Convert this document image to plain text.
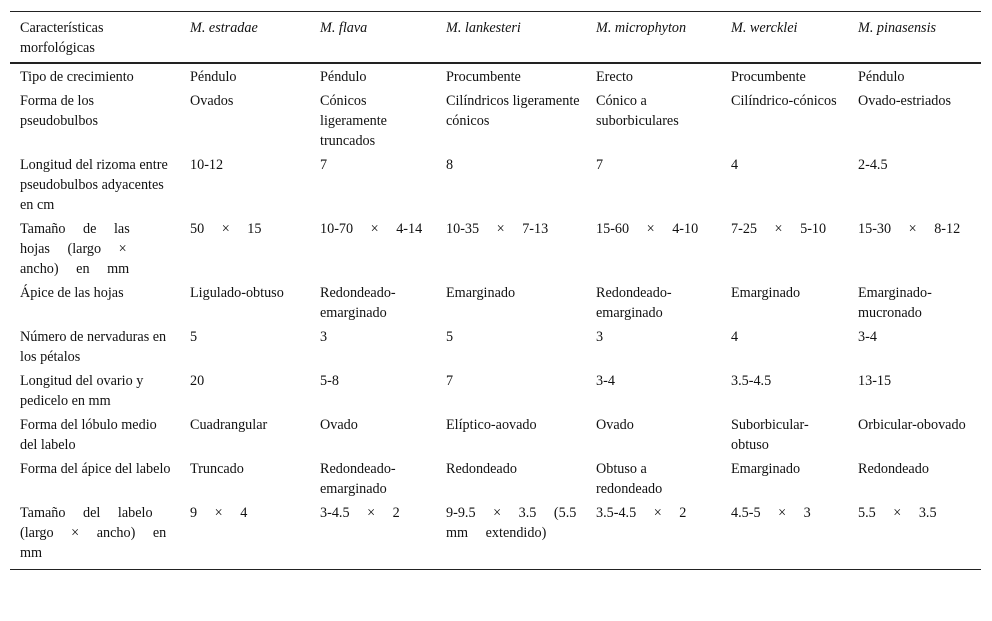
Características morfológicas	M. estradae	M. flava	M. lankesteri	M. microphyton	M. wercklei	M. pinasensis
Tipo de crecimiento	Péndulo	Péndulo	Procumbente	Erecto	Procumbente	Péndulo
Forma de los pseudobulbos	Ovados	Cónicos ligeramente truncados	Cilíndricos ligeramente cónicos	Cónico a suborbiculares	Cilíndrico-cónicos	Ovado-estriados
Longitud del rizoma entre pseudobulbos adyacentes en cm	10-12	7	8	7	4	2-4.5
Tamaño de las hojas (largo × ancho) en mm	50 × 15	10-70 × 4-14	10-35 × 7-13	15-60 × 4-10	7-25 × 5-10	15-30 × 8-12
Ápice de las hojas	Ligulado-obtuso	Redondeado-emarginado	Emarginado	Redondeado-emarginado	Emarginado	Emarginado-mucronado
Número de nervaduras en los pétalos	5	3	5	3	4	3-4
Longitud del ovario y pedicelo en mm	20	5-8	7	3-4	3.5-4.5	13-15
Forma del lóbulo medio del labelo	Cuadrangular	Ovado	Elíptico-aovado	Ovado	Suborbicular-obtuso	Orbicular-obovado
Forma del ápice del labelo	Truncado	Redondeado-emarginado	Redondeado	Obtuso a redondeado	Emarginado	Redondeado
Tamaño del labelo (largo × ancho) en mm	9 × 4	3-4.5 × 2	9-9.5 × 3.5 (5.5 mm extendido)	3.5-4.5 × 2	4.5-5 × 3	5.5 × 3.5
